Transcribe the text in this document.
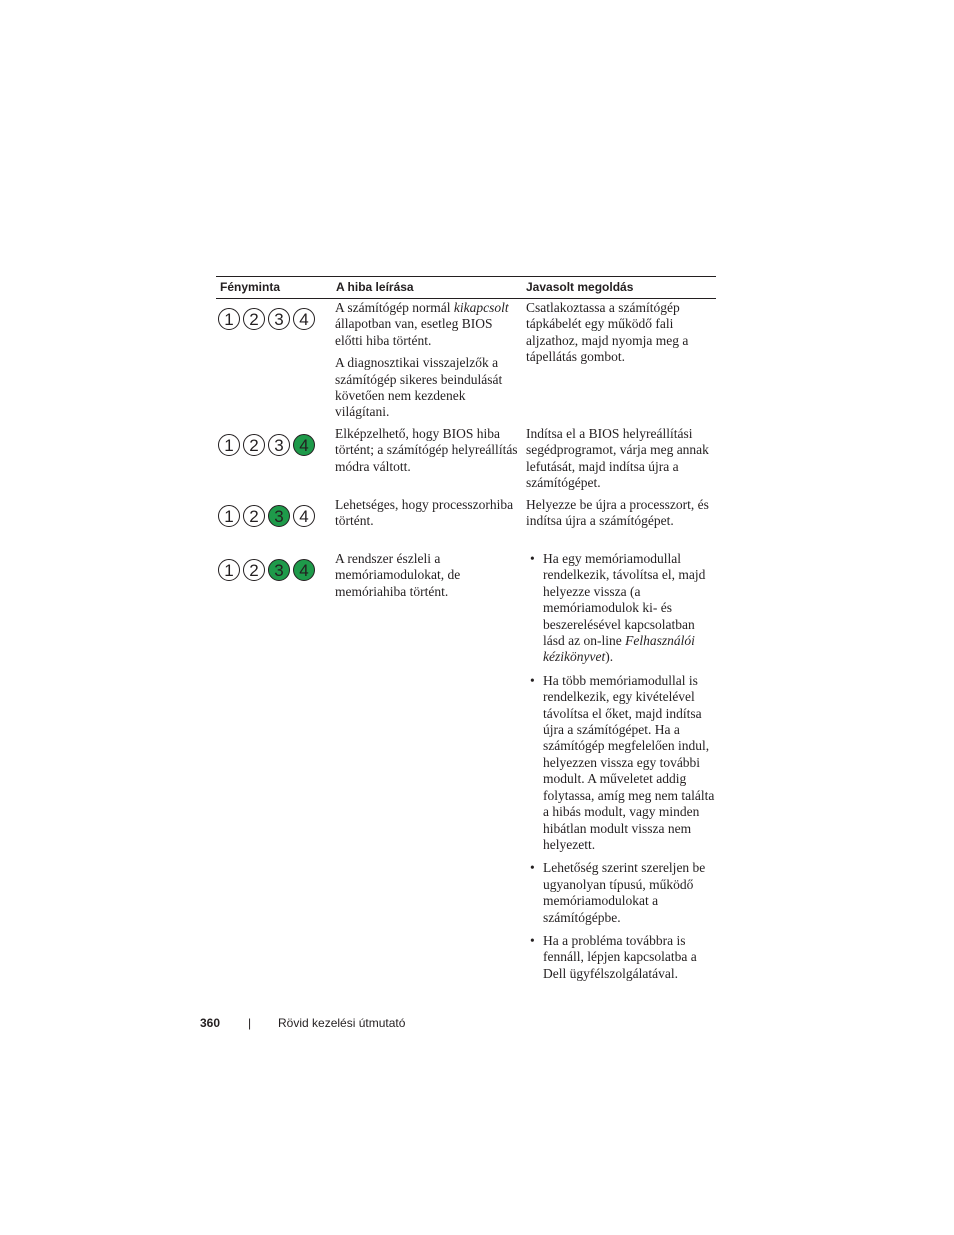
Fényminta	A hiba leírása	Javasolt megoldás
1 2 3 4

A számítógép normál kikapcsolt állapotban van, esetleg BIOS előtti hiba történt.

A diagnosztikai visszajelzők a számítógép sikeres beindulását követően nem kezdenek világítani.

Csatlakoztassa a számítógép tápkábelét egy működő fali aljzathoz, majd nyomja meg a tápellátás gombot.
1 2 3 4
Elképzelhető, hogy BIOS hiba történt; a számítógép helyreállítás módra váltott.
Indítsa el a BIOS helyreállítási segédprogramot, várja meg annak lefutását, majd indítsa újra a számítógépet.
1 2 3 4
Lehetséges, hogy processzorhiba történt.
Helyezze be újra a processzort, és indítsa újra a számítógépet.
1 2 3 4
A rendszer észleli a memóriamodulokat, de memóriahiba történt.
• Ha egy memóriamodullal rendelkezik, távolítsa el, majd helyezze vissza (a memóriamodulok ki- és beszerelésével kapcsolatban lásd az on-line Felhasználói kézikönyvet).
• Ha több memóriamodullal is rendelkezik, egy kivételével távolítsa el őket, majd indítsa újra a számítógépet. Ha a számítógép megfelelően indul, helyezzen vissza egy további modult. A műveletet addig folytassa, amíg meg nem találta a hibás modult, vagy minden hibátlan modult vissza nem helyezett.
• Lehetőség szerint szereljen be ugyanolyan típusú, működő memóriamodulokat a számítógépbe.
• Ha a probléma továbbra is fennáll, lépjen kapcsolatba a Dell ügyfélszolgálatával.
360 | Rövid kezelési útmutató
